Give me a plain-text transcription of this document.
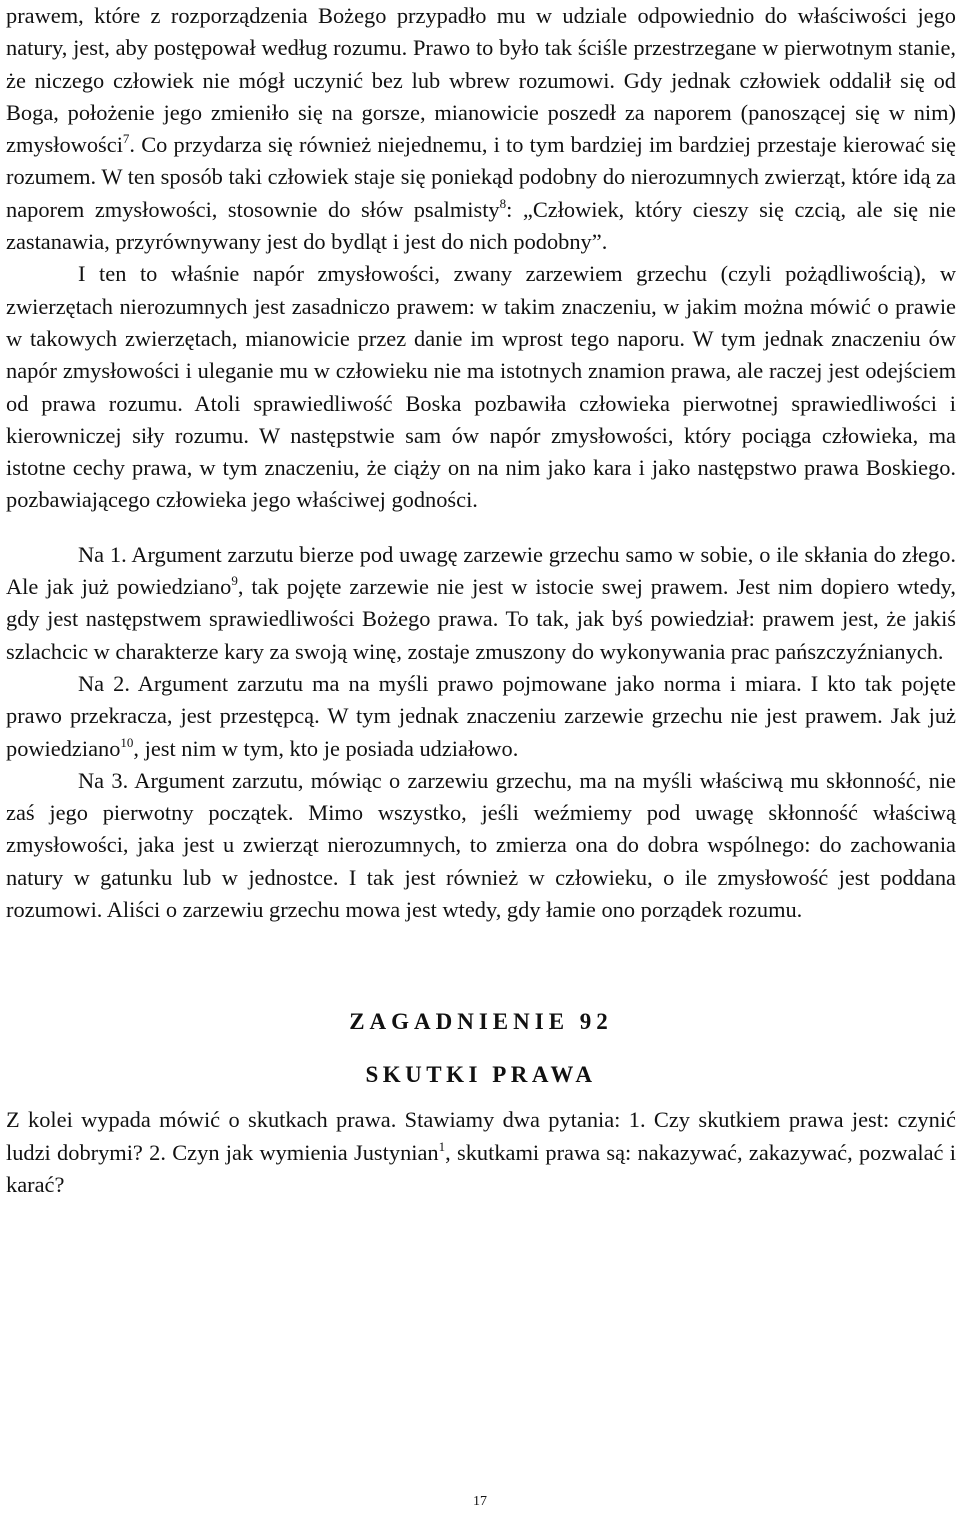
prawem, które z rozporządzenia Bożego przypadło mu w udziale odpowiednio do właściwości jego natury, jest, aby postępował według rozumu. Prawo to było tak ściśle przestrzegane w pierwotnym stanie, że niczego człowiek nie mógł uczynić bez lub wbrew rozumowi. Gdy jednak człowiek oddalił się od Boga, położenie jego zmieniło się na gorsze, mianowicie poszedł za naporem (panoszącej się w nim) zmysłowości$^7$. Co przydarza się również niejednemu, i to tym bardziej im bardziej przestaje kierować się rozumem. W ten sposób taki człowiek staje się poniekąd podobny do nierozumnych zwierząt, które idą za naporem zmysłowości, stosownie do słów psalmisty$^8$: „Człowiek, który cieszy się czcią, ale się nie zastanawia, przyrównywany jest do bydląt i jest do nich podobny”.

I ten to właśnie napór zmysłowości, zwany zarzewiem grzechu (czyli pożądliwością), w zwierzętach nierozumnych jest zasadniczo prawem: w takim znaczeniu, w jakim można mówić o prawie w takowych zwierzętach, mianowicie przez danie im wprost tego naporu. W tym jednak znaczeniu ów napór zmysłowości i uleganie mu w człowieku nie ma istotnych znamion prawa, ale raczej jest odejściem od prawa rozumu. Atoli sprawiedliwość Boska pozbawiła człowieka pierwotnej sprawiedliwości i kierowniczej siły rozumu. W następstwie sam ów napór zmysłowości, który pociąga człowieka, ma istotne cechy prawa, w tym znaczeniu, że ciąży on na nim jako kara i jako następstwo prawa Boskiego. pozbawiającego człowieka jego właściwej godności.

Na 1. Argument zarzutu bierze pod uwagę zarzewie grzechu samo w sobie, o ile skłania do złego. Ale jak już powiedziano$^9$, tak pojęte zarzewie nie jest w istocie swej prawem. Jest nim dopiero wtedy, gdy jest następstwem sprawiedliwości Bożego prawa. To tak, jak byś powiedział: prawem jest, że jakiś szlachcic w charakterze kary za swoją winę, zostaje zmuszony do wykonywania prac pańszczyźnianych.

Na 2. Argument zarzutu ma na myśli prawo pojmowane jako norma i miara. I kto tak pojęte prawo przekracza, jest przestępcą. W tym jednak znaczeniu zarzewie grzechu nie jest prawem. Jak już powiedziano$^{10}$, jest nim w tym, kto je posiada udziałowo.

Na 3. Argument zarzutu, mówiąc o zarzewiu grzechu, ma na myśli właściwą mu skłonność, nie zaś jego pierwotny początek. Mimo wszystko, jeśli weźmiemy pod uwagę skłonność właściwą zmysłowości, jaka jest u zwierząt nierozumnych, to zmierza ona do dobra wspólnego: do zachowania natury w gatunku lub w jednostce. I tak jest również w człowieku, o ile zmysłowość jest poddana rozumowi. Aliści o zarzewiu grzechu mowa jest wtedy, gdy łamie ono porządek rozumu.

ZAGADNIENIE 92
SKUTKI PRAWA

Z kolei wypada mówić o skutkach prawa. Stawiamy dwa pytania: 1. Czy skutkiem prawa jest: czynić ludzi dobrymi? 2. Czyn jak wymienia Justynian$^1$, skutkami prawa są: nakazywać, zakazywać, pozwalać i karać?

17
